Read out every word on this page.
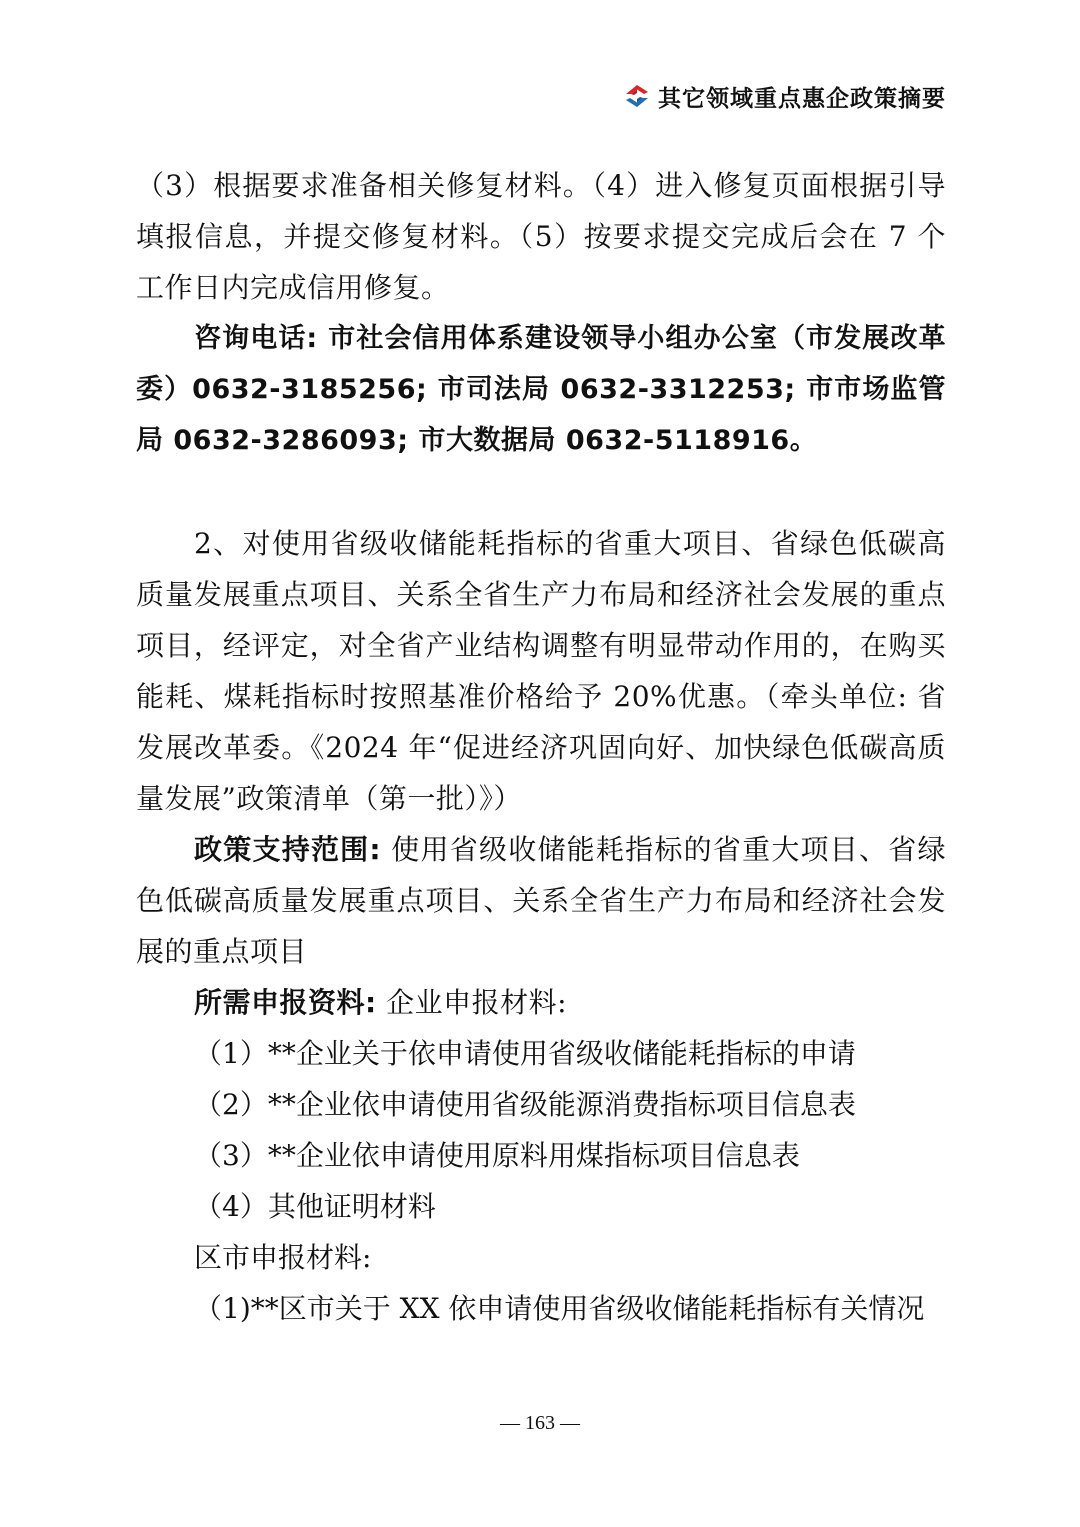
其它领域重点惠企政策摘要

（3）根据要求准备相关修复材料。（4）进入修复页面根据引导填报信息，并提交修复材料。（5）按要求提交完成后会在 7 个工作日内完成信用修复。

咨询电话: 市社会信用体系建设领导小组办公室（市发展改革委）0632-3185256; 市司法局 0632-3312253; 市市场监管局 0632-3286093; 市大数据局 0632-5118916。

2、对使用省级收储能耗指标的省重大项目、省绿色低碳高质量发展重点项目、关系全省生产力布局和经济社会发展的重点项目，经评定，对全省产业结构调整有明显带动作用的，在购买能耗、煤耗指标时按照基准价格给予 20%优惠。（牵头单位: 省发展改革委。《2024 年“促进经济巩固向好、加快绿色低碳高质量发展”政策清单（第一批）》）

政策支持范围: 使用省级收储能耗指标的省重大项目、省绿色低碳高质量发展重点项目、关系全省生产力布局和经济社会发展的重点项目

所需申报资料: 企业申报材料:

（1）**企业关于依申请使用省级收储能耗指标的申请

（2）**企业依申请使用省级能源消费指标项目信息表

（3）**企业依申请使用原料用煤指标项目信息表

（4）其他证明材料

区市申报材料:

（1)**区市关于 XX 依申请使用省级收储能耗指标有关情况

— 163 —
